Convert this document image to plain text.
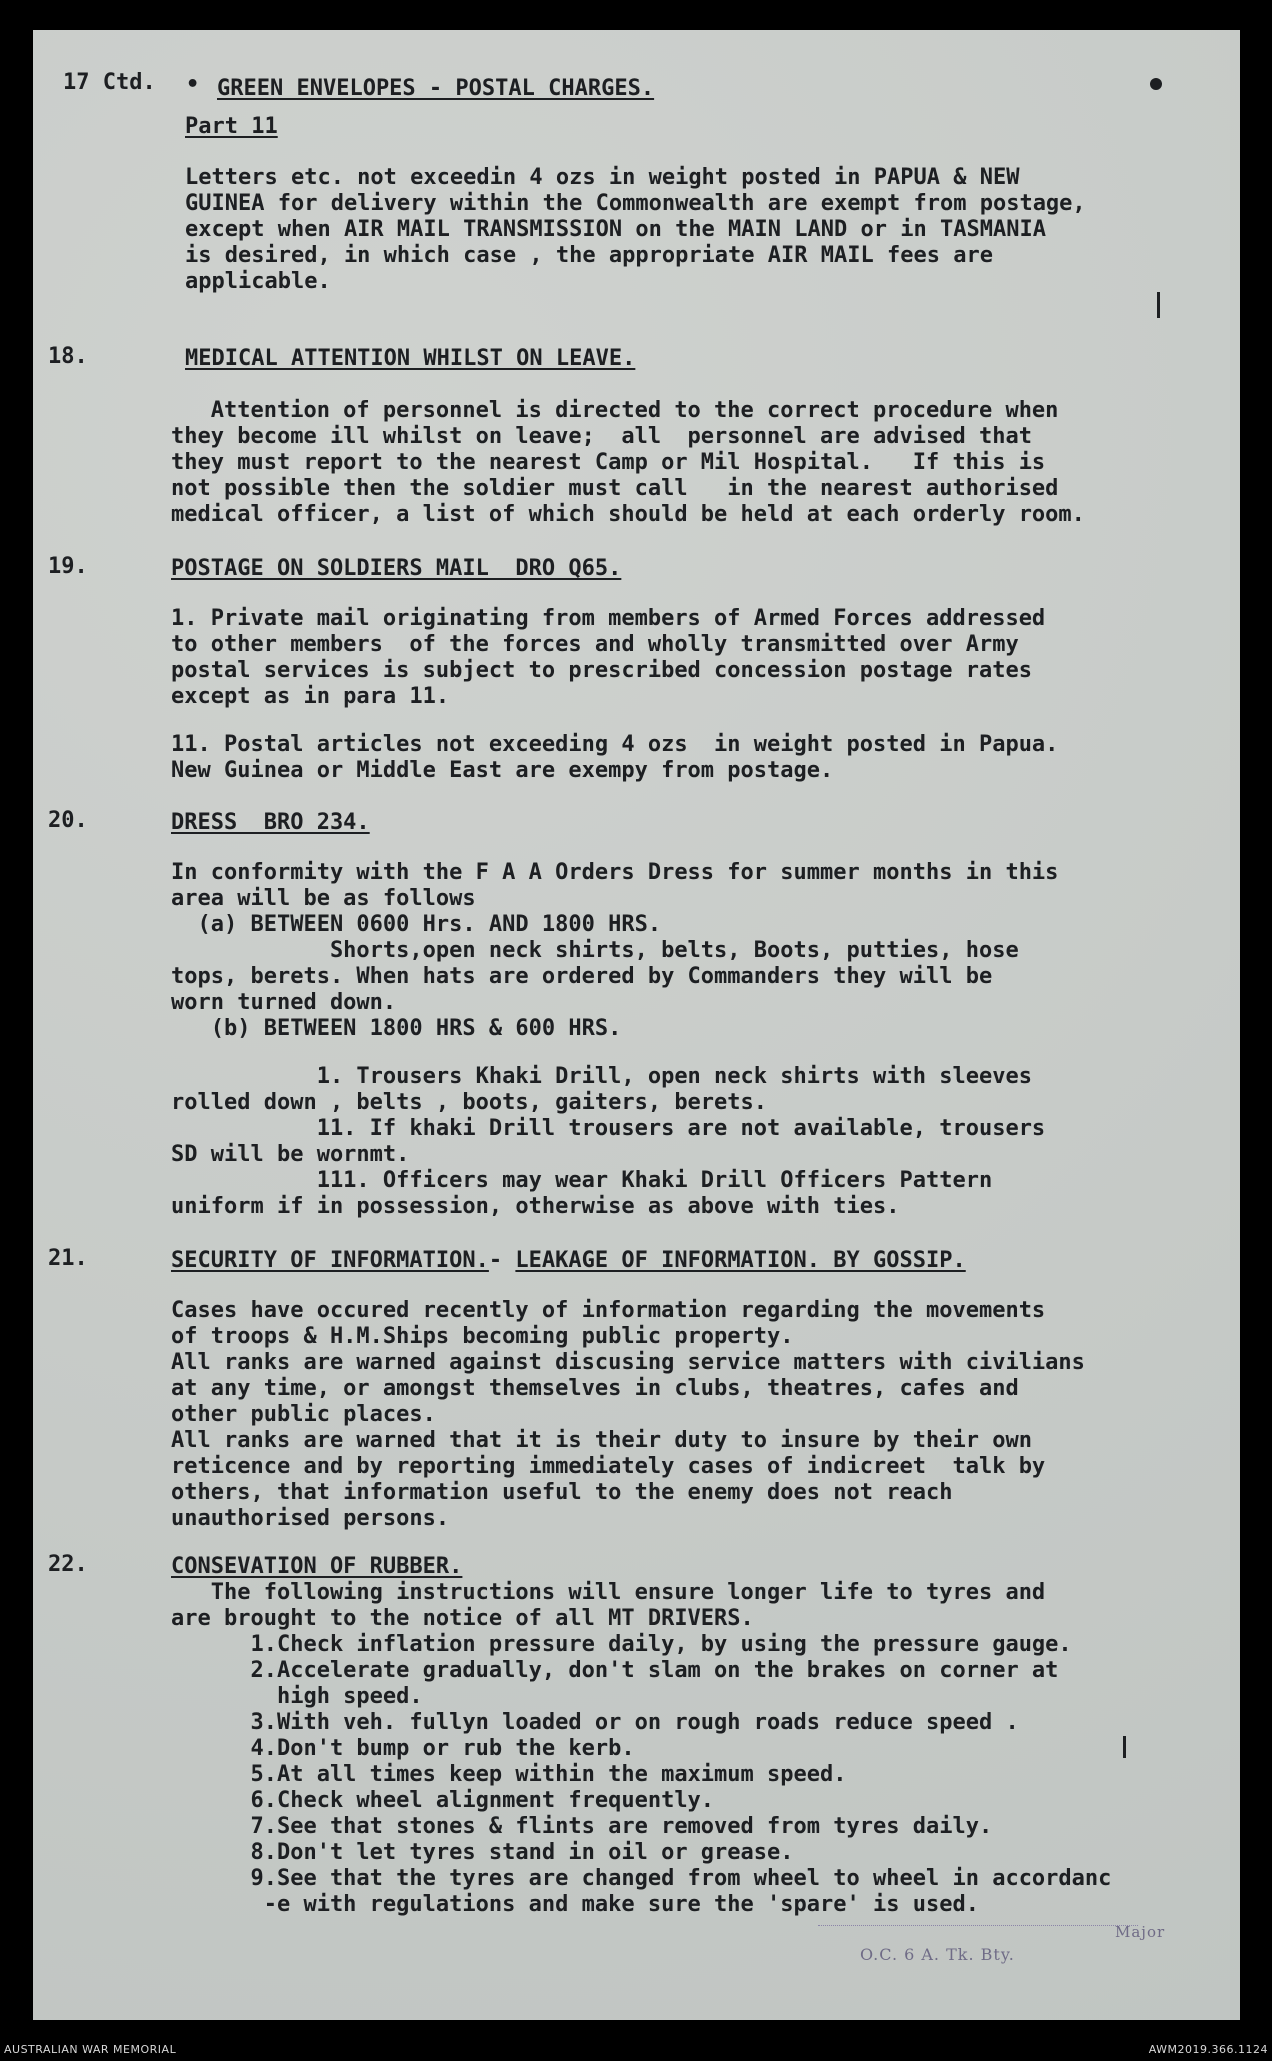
17 Ctd. • GREEN ENVELOPES - POSTAL CHARGES.
Part 11
Letters etc. not exceedin 4 ozs in weight posted in PAPUA & NEW
GUINEA for delivery within the Commonwealth are exempt from postage,
except when AIR MAIL TRANSMISSION on the MAIN LAND or in TASMANIA
is desired, in which case , the appropriate AIR MAIL fees are
applicable.
18.	MEDICAL ATTENTION WHILST ON LEAVE.
Attention of personnel is directed to the correct procedure when
they become ill whilst on leave;  all  personnel are advised that
they must report to the nearest Camp or Mil Hospital.   If this is
not possible then the soldier must call   in the nearest authorised
medical officer, a list of which should be held at each orderly room.
19.	POSTAGE ON SOLDIERS MAIL  DRO Q65.
1. Private mail originating from members of Armed Forces addressed
to other members  of the forces and wholly transmitted over Army
postal services is subject to prescribed concession postage rates
except as in para 11.
11. Postal articles not exceeding 4 ozs  in weight posted in Papua.
New Guinea or Middle East are exempy from postage.
20.	DRESS  BRO 234.
In conformity with the F A A Orders Dress for summer months in this
area will be as follows
(a) BETWEEN 0600 Hrs. AND 1800 HRS.
Shorts,open neck shirts, belts, Boots, putties, hose
tops, berets. When hats are ordered by Commanders they will be
worn turned down.
(b) BETWEEN 1800 HRS & 600 HRS.
1. Trousers Khaki Drill, open neck shirts with sleeves
rolled down , belts , boots, gaiters, berets.
11. If khaki Drill trousers are not available, trousers
SD will be wornmt.
111. Officers may wear Khaki Drill Officers Pattern
uniform if in possession, otherwise as above with ties.
21.	SECURITY OF INFORMATION.- LEAKAGE OF INFORMATION. BY GOSSIP.
Cases have occured recently of information regarding the movements
of troops & H.M.Ships becoming public property.
All ranks are warned against discusing service matters with civilians
at any time, or amongst themselves in clubs, theatres, cafes and
other public places.
All ranks are warned that it is their duty to insure by their own
reticence and by reporting immediately cases of indicreet  talk by
others, that information useful to the enemy does not reach
unauthorised persons.
22.	CONSEVATION OF RUBBER.
The following instructions will ensure longer life to tyres and
are brought to the notice of all MT DRIVERS.
1.Check inflation pressure daily, by using the pressure gauge.
2.Accelerate gradually, don't slam on the brakes on corner at
high speed.
3.With veh. fullyn loaded or on rough roads reduce speed .
4.Don't bump or rub the kerb.
5.At all times keep within the maximum speed.
6.Check wheel alignment frequently.
7.See that stones & flints are removed from tyres daily.
8.Don't let tyres stand in oil or grease.
9.See that the tyres are changed from wheel to wheel in accordanc
-e with regulations and make sure the 'spare' is used.
Major
O.C. 6 A. Tk. Bty.
AUSTRALIAN WAR MEMORIAL	AWM2019.366.1124
